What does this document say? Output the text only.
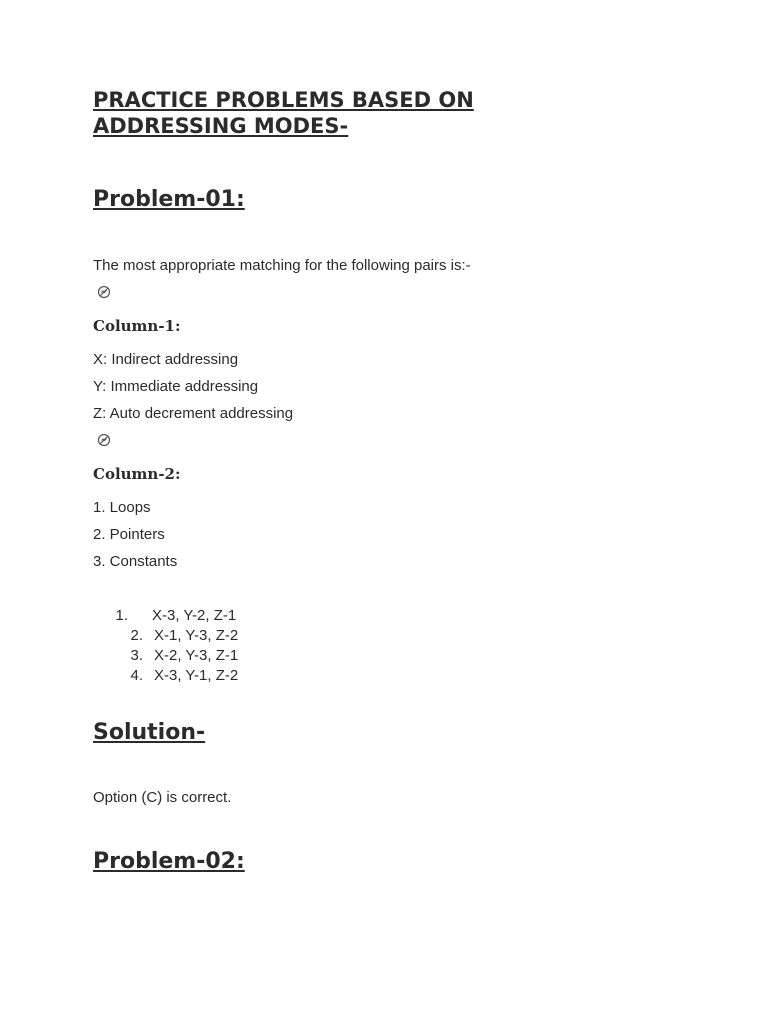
PRACTICE PROBLEMS BASED ON
ADDRESSING MODES-
Problem-01:
The most appropriate matching for the following pairs is:-
Column-1:
X: Indirect addressing
Y: Immediate addressing
Z: Auto decrement addressing
Column-2:
1. Loops
2. Pointers
3. Constants
1. X-3, Y-2, Z-1
2. X-1, Y-3, Z-2
3. X-2, Y-3, Z-1
4. X-3, Y-1, Z-2
Solution-
Option (C) is correct.
Problem-02:
